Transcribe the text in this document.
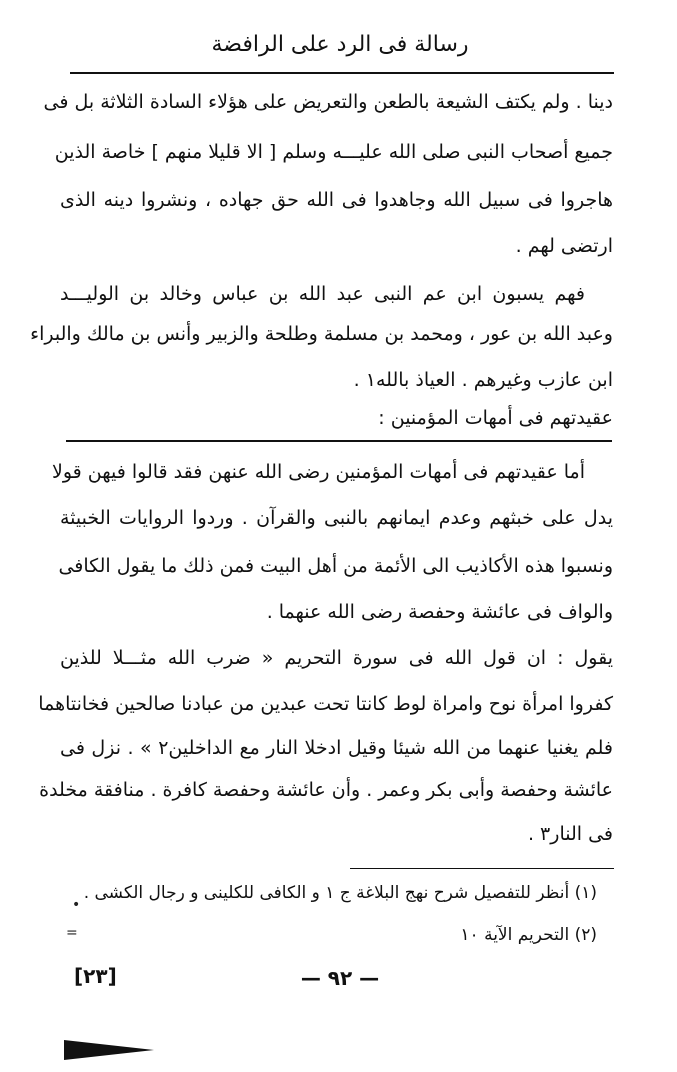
رسالة فى الرد على الرافضة
دينا . ولم يكتف الشيعة بالطعن والتعريض على هؤلاء السادة الثلاثة بل فى
جميع أصحاب النبى صلى الله عليـــه وسلم [ الا قليلا منهم ] خاصة الذين
هاجروا فى سبيل الله وجاهدوا فى الله حق جهاده ، ونشروا دينه الذى
ارتضى لهم .
فهم يسبون ابن عم النبى عبد الله بن عباس وخالد بن الوليـــد
وعبد الله بن عور ، ومحمد بن مسلمة وطلحة والزبير وأنس بن مالك والبراء
ابن عازب وغيرهم . العياذ بالله١ .
عقيدتهم فى أمهات المؤمنين :
أما عقيدتهم فى أمهات المؤمنين رضى الله عنهن فقد قالوا فيهن قولا
يدل على خبثهم وعدم ايمانهم بالنبى والقرآن . وردوا الروايات الخبيثة
ونسبوا هذه الأكاذيب الى الأئمة من أهل البيت فمن ذلك ما يقول الكافى
والواف فى عائشة وحفصة رضى الله عنهما .
يقول : ان قول الله فى سورة التحريم « ضرب الله مثـــلا للذين
كفروا امرأة نوح وامراة لوط كانتا تحت عبدين من عبادنا صالحين فخانتاهما
فلم يغنيا عنهما من الله شيئا وقيل ادخلا النار مع الداخلين٢ » . نزل فى
عائشة وحفصة وأبى بكر وعمر . وأن عائشة وحفصة كافرة . منافقة مخلدة
فى النار٣ .
(١) أنظر للتفصيل شرح نهج البلاغة ج ١ و الكافى للكلينى و رجال الكشى .
(٢) التحريم الآية ١٠
— ٩٢ —
[٢٣]
=
•
